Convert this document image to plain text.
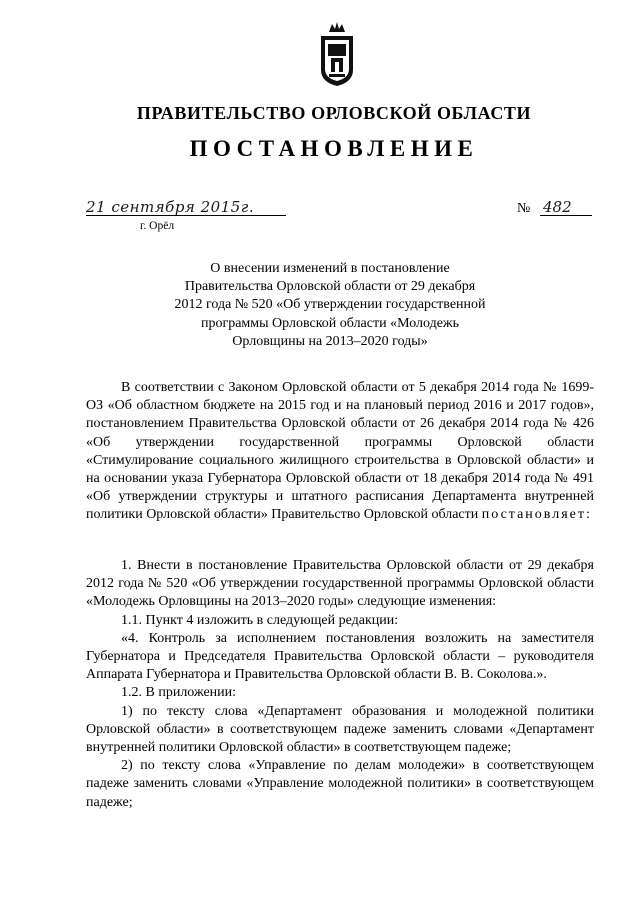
ПРАВИТЕЛЬСТВО ОРЛОВСКОЙ ОБЛАСТИ
ПОСТАНОВЛЕНИЕ
21 сентября 2015г.	№ 482
г. Орёл
О внесении изменений в постановление
Правительства Орловской области от 29 декабря
2012 года № 520 «Об утверждении государственной
программы Орловской области «Молодежь
Орловщины на 2013–2020 годы»

В соответствии с Законом Орловской области от 5 декабря 2014 года № 1699-ОЗ «Об областном бюджете на 2015 год и на плановый период 2016 и 2017 годов», постановлением Правительства Орловской области от 26 декабря 2014 года № 426 «Об утверждении государственной программы Орловской области «Стимулирование социального жилищного строительства в Орловской области» и на основании указа Губернатора Орловской области от 18 декабря 2014 года № 491 «Об утверждении структуры и штатного расписания Департамента внутренней политики Орловской области» Правительство Орловской области постановляет:

1. Внести в постановление Правительства Орловской области от 29 декабря 2012 года № 520 «Об утверждении государственной программы Орловской области «Молодежь Орловщины на 2013–2020 годы» следующие изменения:

1.1. Пункт 4 изложить в следующей редакции:

«4. Контроль за исполнением постановления возложить на заместителя Губернатора и Председателя Правительства Орловской области – руководителя Аппарата Губернатора и Правительства Орловской области В. В. Соколова.».

1.2. В приложении:

1) по тексту слова «Департамент образования и молодежной политики Орловской области» в соответствующем падеже заменить словами «Департамент внутренней политики Орловской области» в соответствующем падеже;

2) по тексту слова «Управление по делам молодежи» в соответствующем падеже заменить словами «Управление молодежной политики» в соответствующем падеже;
